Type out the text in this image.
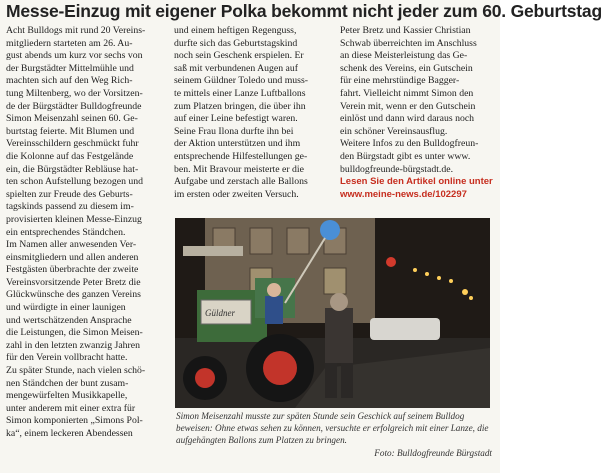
Messe-Einzug mit eigener Polka bekommt nicht jeder zum 60. Geburtstag

Acht Bulldogs mit rund 20 Vereins-

mitgliedern starteten am 26. Au-

gust abends um kurz vor sechs von

der Burgstädter Mittelmühle und

machten sich auf den Weg Rich-

tung Miltenberg, wo der Vorsitzen-

de der Bürgstädter Bulldogfreunde

Simon Meisenzahl seinen 60. Ge-

burtstag feierte. Mit Blumen und

Vereinsschildern geschmückt fuhr

die Kolonne auf das Festgelände

ein, die Bürgstädter Rebläuse hat-

ten schon Aufstellung bezogen und

spielten zur Freude des Geburts-

tagskinds passend zu diesem im-

provisierten kleinen Messe-Einzug

ein entsprechendes Ständchen.

Im Namen aller anwesenden Ver-

einsmitgliedern und allen anderen

Festgästen überbrachte der zweite

Vereinsvorsitzende Peter Bretz die

Glückwünsche des ganzen Vereins

und würdigte in einer launigen

und wertschätzenden Ansprache

die Leistungen, die Simon Meisen-

zahl in den letzten zwanzig Jahren

für den Verein vollbracht hatte.

Zu später Stunde, nach vielen schö-

nen Ständchen der bunt zusam-

mengewürfelten Musikkapelle,

unter anderem mit einer extra für

Simon komponierten „Simons Pol-

ka“, einem leckeren Abendessen

und einem heftigen Regenguss,

durfte sich das Geburtstagskind

noch sein Geschenk erspielen. Er

saß mit verbundenen Augen auf

seinem Güldner Toledo und muss-

te mittels einer Lanze Luftballons

zum Platzen bringen, die über ihn

auf einer Leine befestigt waren.

Seine Frau Ilona durfte ihn bei

der Aktion unterstützen und ihm

entsprechende Hilfestellungen ge-

ben. Mit Bravour meisterte er die

Aufgabe und zerstach alle Ballons

im ersten oder zweiten Versuch.

Peter Bretz und Kassier Christian

Schwab überreichten im Anschluss

an diese Meisterleistung das Ge-

schenk des Vereins, ein Gutschein

für eine mehrstündige Bagger-

fahrt. Vielleicht nimmt Simon den

Verein mit, wenn er den Gutschein

einlöst und dann wird daraus noch

ein schöner Vereinsausflug.

Weitere Infos zu den Bulldogfreun-

den Bürgstadt gibt es unter www.

bulldogfreunde-bürgstadt.de.

Lesen Sie den Artikel online unter

www.meine-news.de/102297

Güldner
Simon Meisenzahl musste zur späten Stunde sein Geschick auf seinem Bulldog beweisen: Ohne etwas sehen zu können, versuchte er erfolgreich mit einer Lanze, die aufgehängten Ballons zum Platzen zu bringen.
Foto: Bulldogfreunde Bürgstadt
